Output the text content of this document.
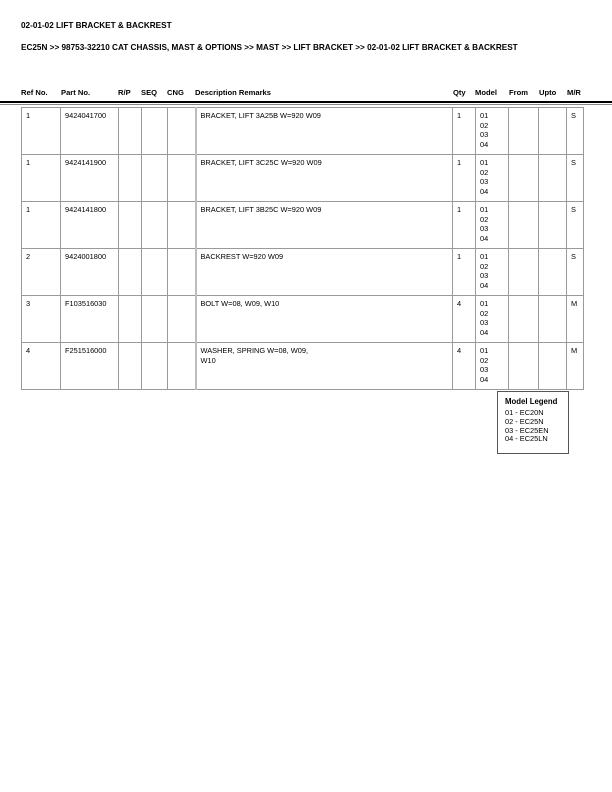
02-01-02 LIFT BRACKET & BACKREST
EC25N >> 98753-32210 CAT CHASSIS, MAST & OPTIONS >> MAST >> LIFT BRACKET >> 02-01-02 LIFT BRACKET & BACKREST
Ref No. Part No.	R/P SEQ CNG Description Remarks	Qty Model From Upto M/R
1	9424041700				BRACKET, LIFT 3A25B W=920 W09	1	01
02
03
04			S
1	9424141900				BRACKET, LIFT 3C25C W=920 W09	1	01
02
03
04			S
1	9424141800				BRACKET, LIFT 3B25C W=920 W09	1	01
02
03
04			S
2	9424001800				BACKREST W=920 W09	1	01
02
03
04			S
3	F103516030				BOLT W=08, W09, W10	4	01
02
03
04			M
4	F251516000				WASHER, SPRING W=08, W09,
W10	4	01
02
03
04			M
Model Legend
01 - EC20N
02 - EC25N
03 - EC25EN
04 - EC25LN
